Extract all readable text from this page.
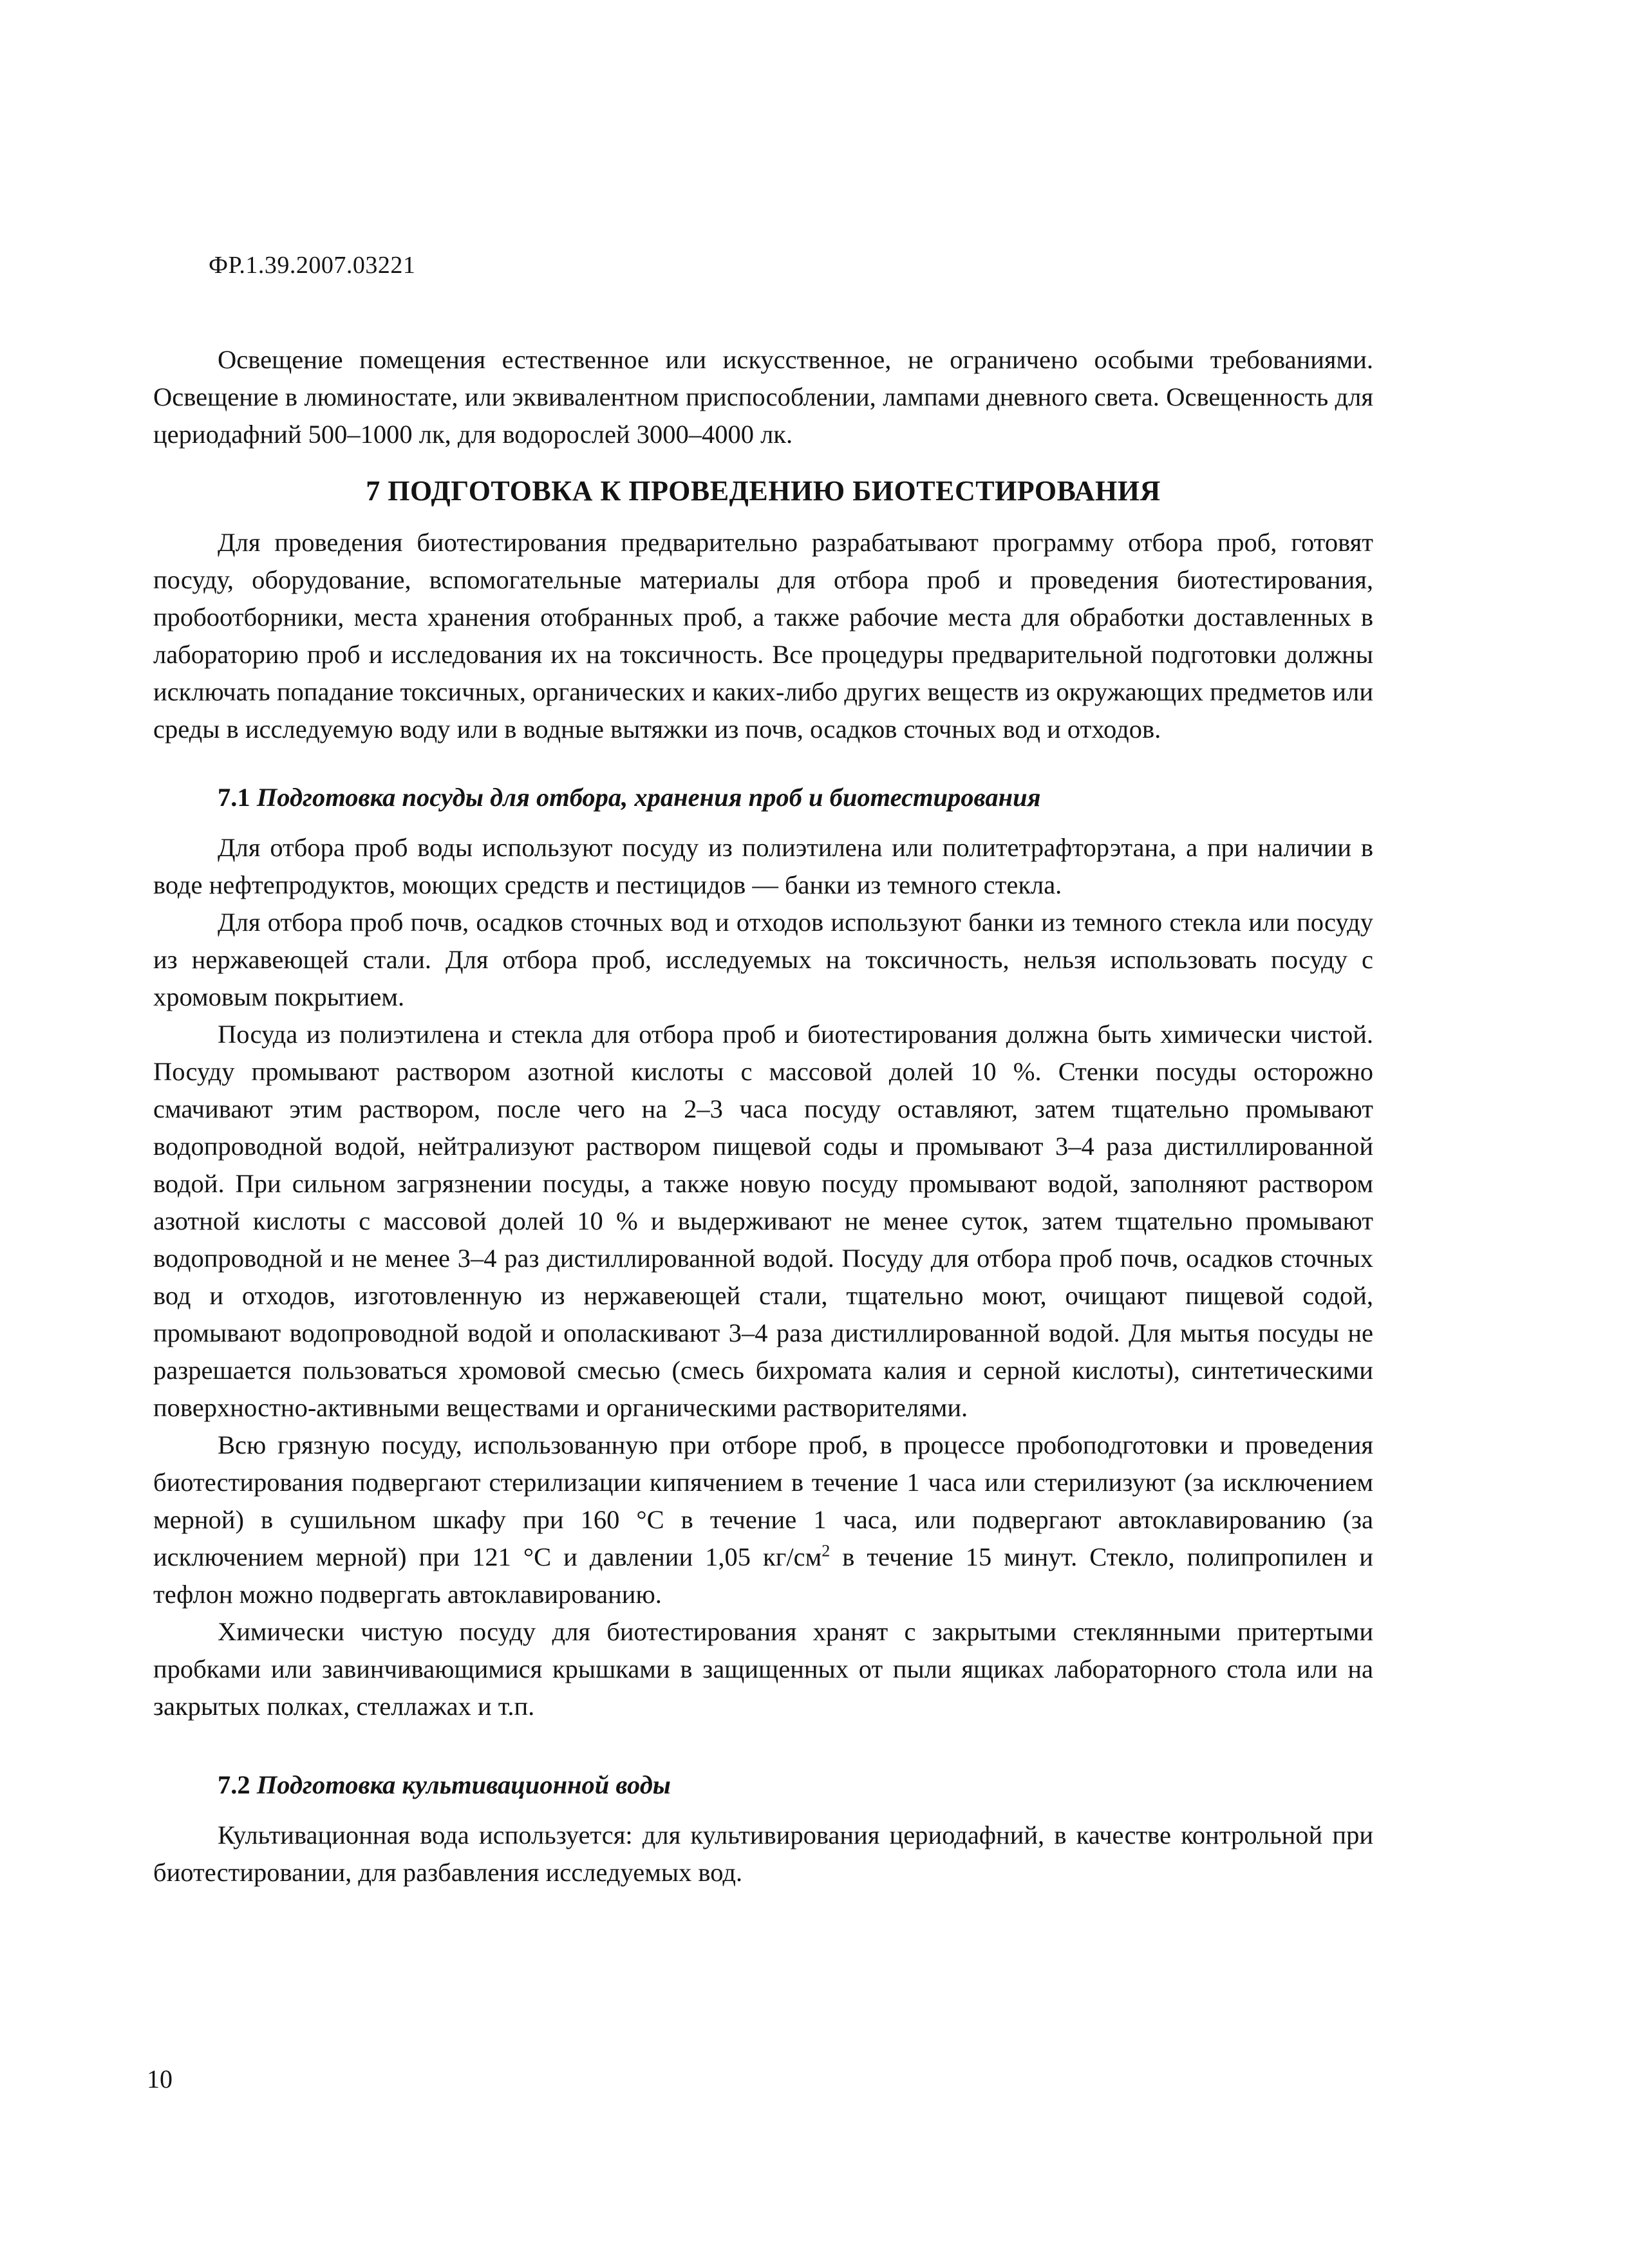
ФР.1.39.2007.03221

Освещение помещения естественное или искусственное, не ограничено особыми требованиями. Освещение в люминостате, или эквивалентном приспособлении, лампами дневного света. Освещенность для цериодафний 500–1000 лк, для водорослей 3000–4000 лк.

7 ПОДГОТОВКА К ПРОВЕДЕНИЮ БИОТЕСТИРОВАНИЯ

Для проведения биотестирования предварительно разрабатывают программу отбора проб, готовят посуду, оборудование, вспомогательные материалы для отбора проб и проведения биотестирования, пробоотборники, места хранения отобранных проб, а также рабочие места для обработки доставленных в лабораторию проб и исследования их на токсичность. Все процедуры предварительной подготовки должны исключать попадание токсичных, органических и каких-либо других веществ из окружающих предметов или среды в исследуемую воду или в водные вытяжки из почв, осадков сточных вод и отходов.

7.1 Подготовка посуды для отбора, хранения проб и биотестирования

Для отбора проб воды используют посуду из полиэтилена или политетрафторэтана, а при наличии в воде нефтепродуктов, моющих средств и пестицидов — банки из темного стекла.

Для отбора проб почв, осадков сточных вод и отходов используют банки из темного стекла или посуду из нержавеющей стали. Для отбора проб, исследуемых на токсичность, нельзя использовать посуду с хромовым покрытием.

Посуда из полиэтилена и стекла для отбора проб и биотестирования должна быть химически чистой. Посуду промывают раствором азотной кислоты с массовой долей 10 %. Стенки посуды осторожно смачивают этим раствором, после чего на 2–3 часа посуду оставляют, затем тщательно промывают водопроводной водой, нейтрализуют раствором пищевой соды и промывают 3–4 раза дистиллированной водой. При сильном загрязнении посуды, а также новую посуду промывают водой, заполняют раствором азотной кислоты с массовой долей 10 % и выдерживают не менее суток, затем тщательно промывают водопроводной и не менее 3–4 раз дистиллированной водой. Посуду для отбора проб почв, осадков сточных вод и отходов, изготовленную из нержавеющей стали, тщательно моют, очищают пищевой содой, промывают водопроводной водой и ополаскивают 3–4 раза дистиллированной водой. Для мытья посуды не разрешается пользоваться хромовой смесью (смесь бихромата калия и серной кислоты), синтетическими поверхностно-активными веществами и органическими растворителями.

Всю грязную посуду, использованную при отборе проб, в процессе пробоподготовки и проведения биотестирования подвергают стерилизации кипячением в течение 1 часа или стерилизуют (за исключением мерной) в сушильном шкафу при 160 °С в течение 1 часа, или подвергают автоклавированию (за исключением мерной) при 121 °С и давлении 1,05 $кг/см^2$ в течение 15 минут. Стекло, полипропилен и тефлон можно подвергать автоклавированию.

Химически чистую посуду для биотестирования хранят с закрытыми стеклянными притертыми пробками или завинчивающимися крышками в защищенных от пыли ящиках лабораторного стола или на закрытых полках, стеллажах и т.п.

7.2 Подготовка культивационной воды

Культивационная вода используется: для культивирования цериодафний, в качестве контрольной при биотестировании, для разбавления исследуемых вод.

10
